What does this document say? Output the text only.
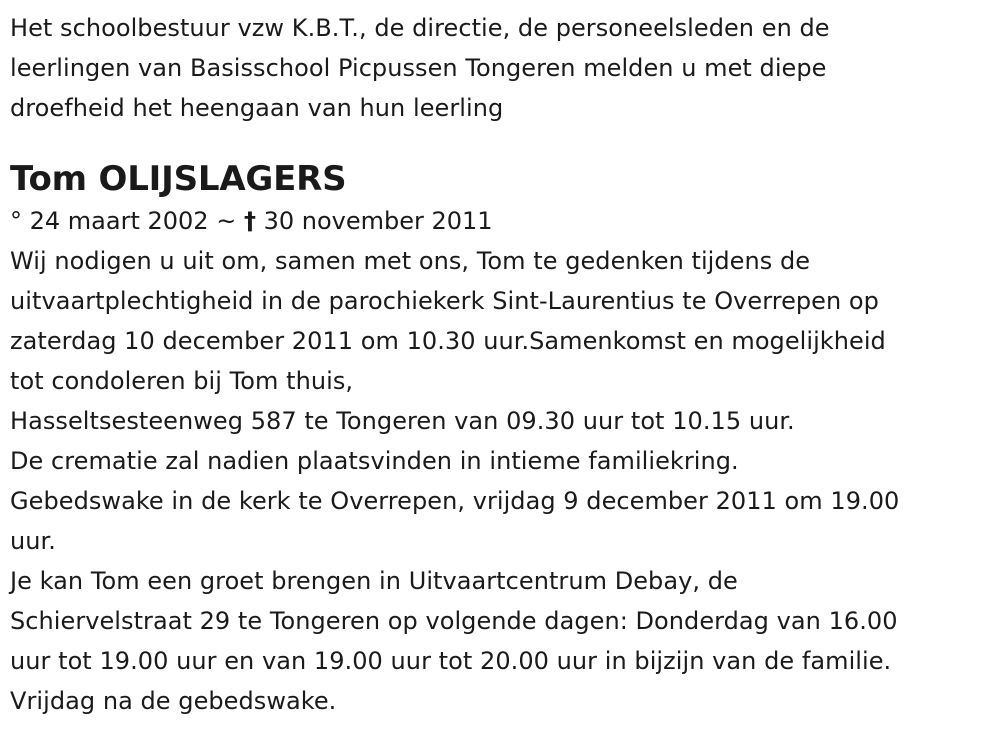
Het schoolbestuur vzw K.B.T., de directie, de personeelsleden en de

leerlingen van Basisschool Picpussen Tongeren melden u met diepe

droefheid het heengaan van hun leerling

Tom OLIJSLAGERS

° 24 maart 2002 ~ † 30 november 2011

Wij nodigen u uit om, samen met ons, Tom te gedenken tijdens de

uitvaartplechtigheid in de parochiekerk Sint-Laurentius te Overrepen op

zaterdag 10 december 2011 om 10.30 uur.Samenkomst en mogelijkheid

tot condoleren bij Tom thuis,

Hasseltsesteenweg 587 te Tongeren van 09.30 uur tot 10.15 uur.

De crematie zal nadien plaatsvinden in intieme familiekring.

Gebedswake in de kerk te Overrepen, vrijdag 9 december 2011 om 19.00

uur.

Je kan Tom een groet brengen in Uitvaartcentrum Debay, de

Schiervelstraat 29 te Tongeren op volgende dagen: Donderdag van 16.00

uur tot 19.00 uur en van 19.00 uur tot 20.00 uur in bijzijn van de familie.

Vrijdag na de gebedswake.
